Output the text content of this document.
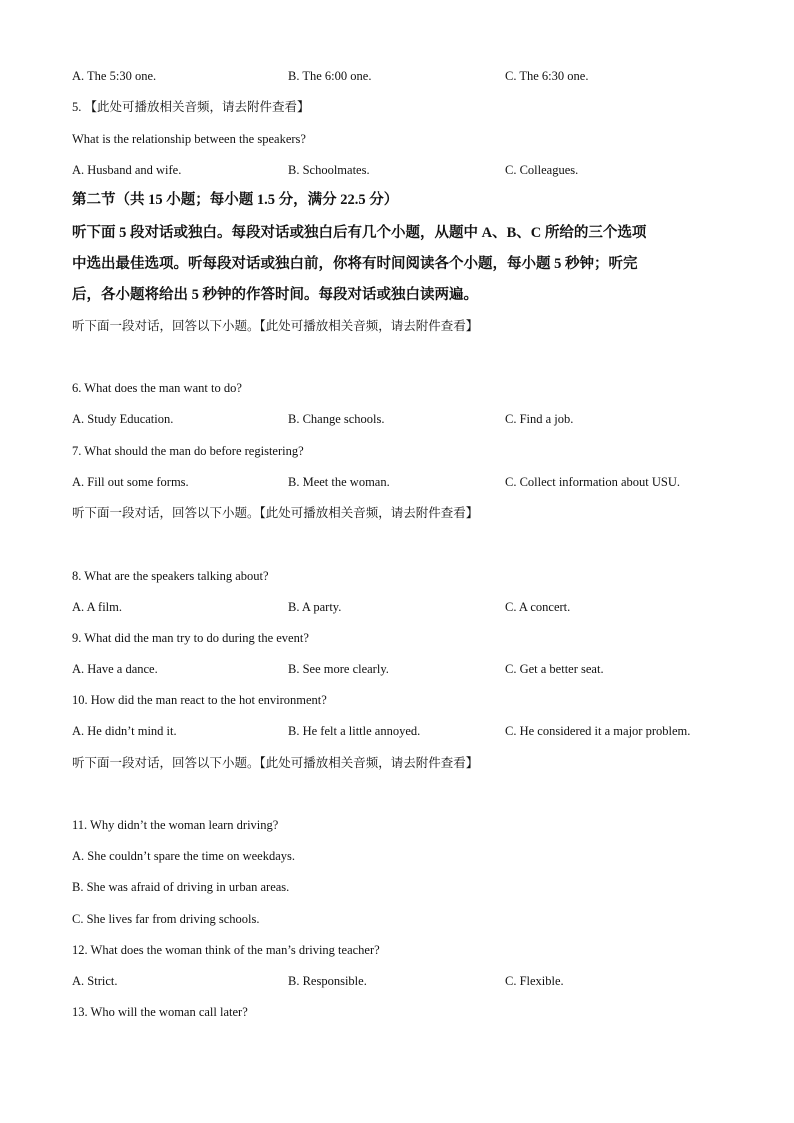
A. The 5:30 one.	B. The 6:00 one.	C. The 6:30 one.
5. 【此处可播放相关音频，请去附件查看】
What is the relationship between the speakers?
A. Husband and wife.	B. Schoolmates.	C. Colleagues.
第二节（共 15 小题；每小题 1.5 分，满分 22.5 分）
听下面 5 段对话或独白。每段对话或独白后有几个小题，从题中 A、B、C 所给的三个选项
中选出最佳选项。听每段对话或独白前，你将有时间阅读各个小题，每小题 5 秒钟；听完
后，各小题将给出 5 秒钟的作答时间。每段对话或独白读两遍。
听下面一段对话，回答以下小题。【此处可播放相关音频，请去附件查看】
6. What does the man want to do?
A. Study Education.	B. Change schools.	C. Find a job.
7. What should the man do before registering?
A. Fill out some forms.	B. Meet the woman.	C. Collect information about USU.
听下面一段对话，回答以下小题。【此处可播放相关音频，请去附件查看】
8. What are the speakers talking about?
A. A film.	B. A party.	C. A concert.
9. What did the man try to do during the event?
A. Have a dance.	B. See more clearly.	C. Get a better seat.
10. How did the man react to the hot environment?
A. He didn’t mind it.	B. He felt a little annoyed.	C. He considered it a major problem.
听下面一段对话，回答以下小题。【此处可播放相关音频，请去附件查看】
11. Why didn’t the woman learn driving?
A. She couldn’t spare the time on weekdays.
B. She was afraid of driving in urban areas.
C. She lives far from driving schools.
12. What does the woman think of the man’s driving teacher?
A. Strict.	B. Responsible.	C. Flexible.
13. Who will the woman call later?
